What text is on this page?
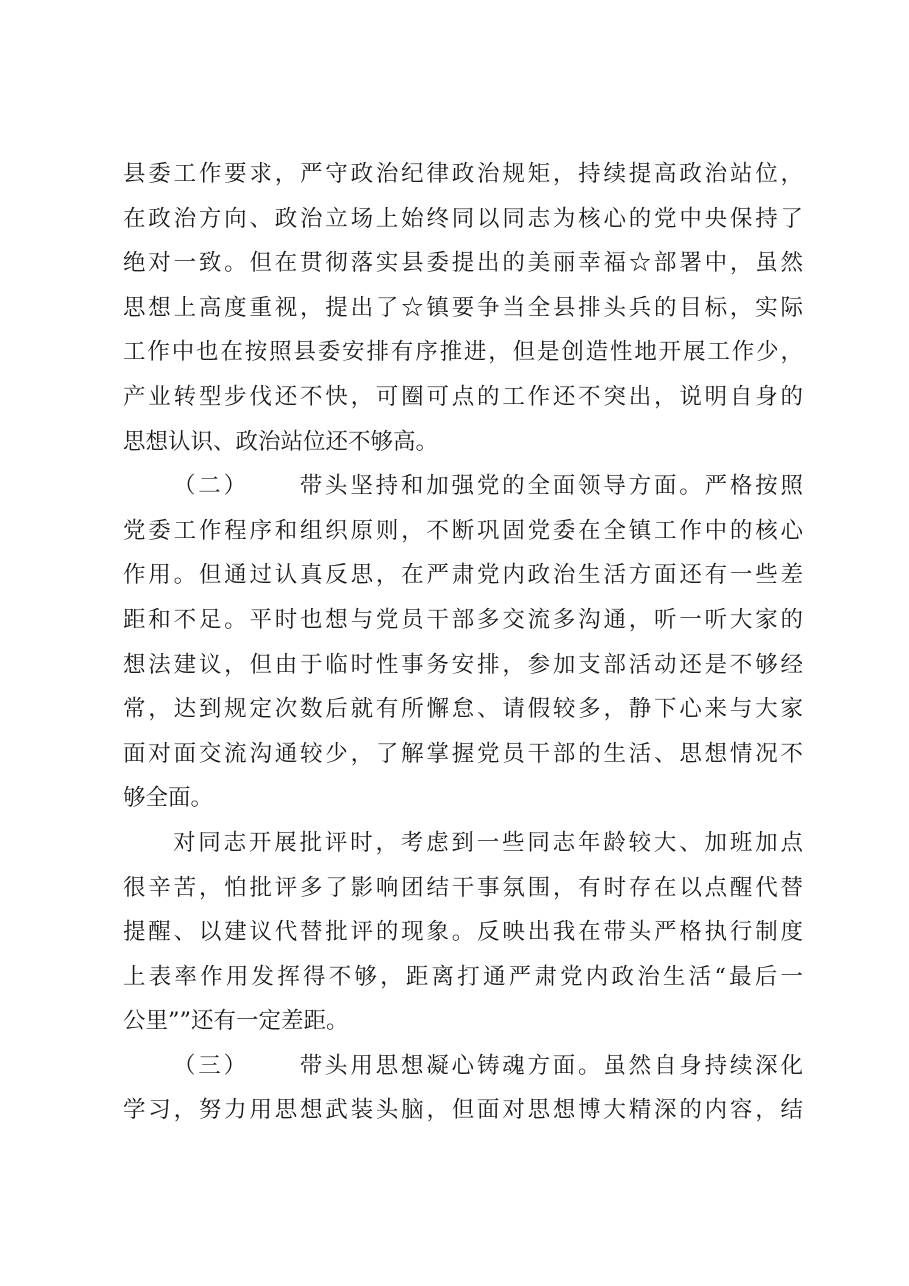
县委工作要求，严守政治纪律政治规矩，持续提高政治站位，
在政治方向、政治立场上始终同以同志为核心的党中央保持了
绝对一致。但在贯彻落实县委提出的美丽幸福☆部署中，虽然
思想上高度重视，提出了☆镇要争当全县排头兵的目标，实际
工作中也在按照县委安排有序推进，但是创造性地开展工作少，
产业转型步伐还不快，可圈可点的工作还不突出，说明自身的
思想认识、政治站位还不够高。
（二） 带头坚持和加强党的全面领导方面。严格按照
党委工作程序和组织原则，不断巩固党委在全镇工作中的核心
作用。但通过认真反思，在严肃党内政治生活方面还有一些差
距和不足。平时也想与党员干部多交流多沟通，听一听大家的
想法建议，但由于临时性事务安排，参加支部活动还是不够经
常，达到规定次数后就有所懈怠、请假较多，静下心来与大家
面对面交流沟通较少，了解掌握党员干部的生活、思想情况不
够全面。
对同志开展批评时，考虑到一些同志年龄较大、加班加点
很辛苦，怕批评多了影响团结干事氛围，有时存在以点醒代替
提醒、以建议代替批评的现象。反映出我在带头严格执行制度
上表率作用发挥得不够，距离打通严肃党内政治生活“最后一
公里””还有一定差距。
（三） 带头用思想凝心铸魂方面。虽然自身持续深化
学习，努力用思想武装头脑，但面对思想博大精深的内容，结
